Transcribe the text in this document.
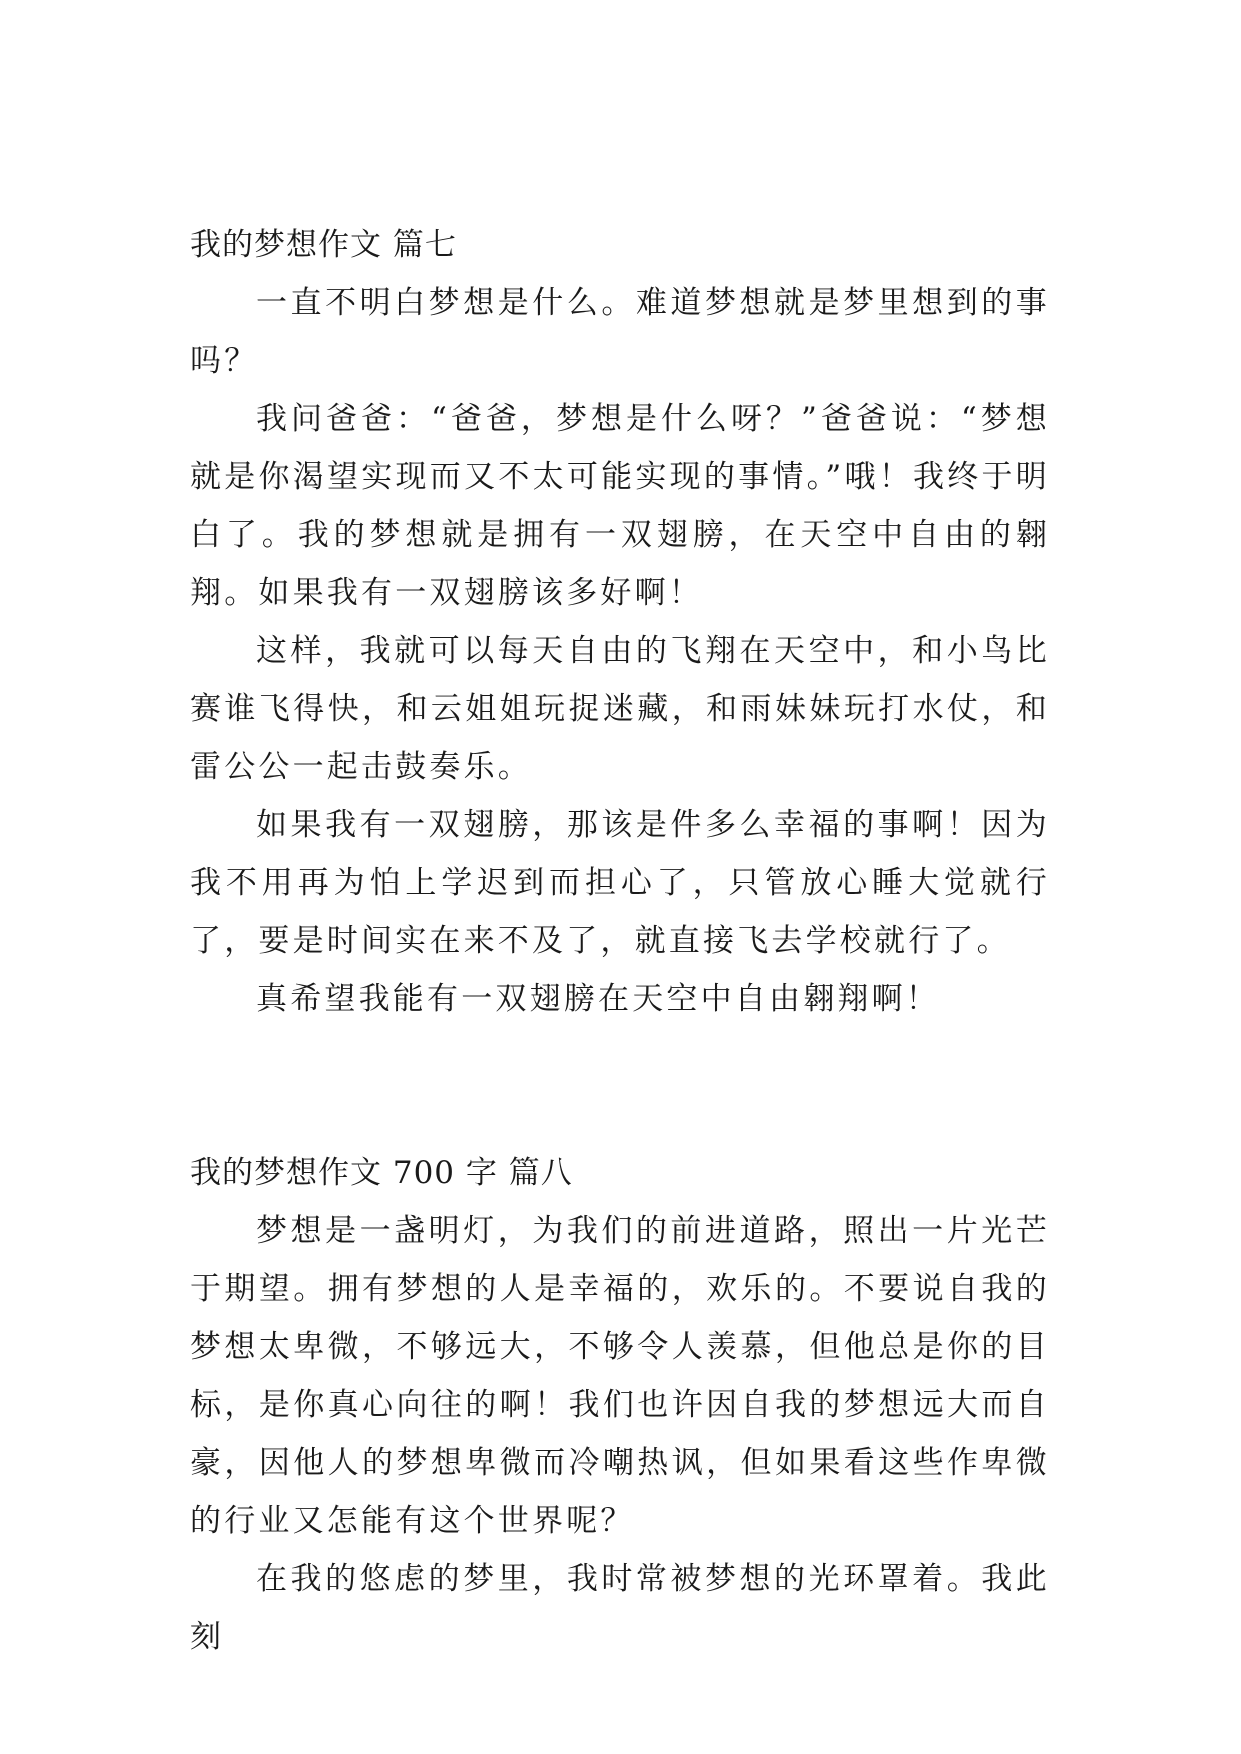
我的梦想作文 篇七

一直不明白梦想是什么。难道梦想就是梦里想到的事吗？

我问爸爸：“爸爸，梦想是什么呀？”爸爸说：“梦想就是你渴望实现而又不太可能实现的事情。”哦！我终于明白了。我的梦想就是拥有一双翅膀，在天空中自由的翱翔。如果我有一双翅膀该多好啊！

这样，我就可以每天自由的飞翔在天空中，和小鸟比赛谁飞得快，和云姐姐玩捉迷藏，和雨妹妹玩打水仗，和雷公公一起击鼓奏乐。

如果我有一双翅膀，那该是件多么幸福的事啊！因为我不用再为怕上学迟到而担心了，只管放心睡大觉就行了，要是时间实在来不及了，就直接飞去学校就行了。

真希望我能有一双翅膀在天空中自由翱翔啊！

我的梦想作文 700 字 篇八

梦想是一盏明灯，为我们的前进道路，照出一片光芒于期望。拥有梦想的人是幸福的，欢乐的。不要说自我的梦想太卑微，不够远大，不够令人羡慕，但他总是你的目标，是你真心向往的啊！我们也许因自我的梦想远大而自豪，因他人的梦想卑微而冷嘲热讽，但如果看这些作卑微的行业又怎能有这个世界呢？

在我的悠虑的梦里，我时常被梦想的光环罩着。我此刻
